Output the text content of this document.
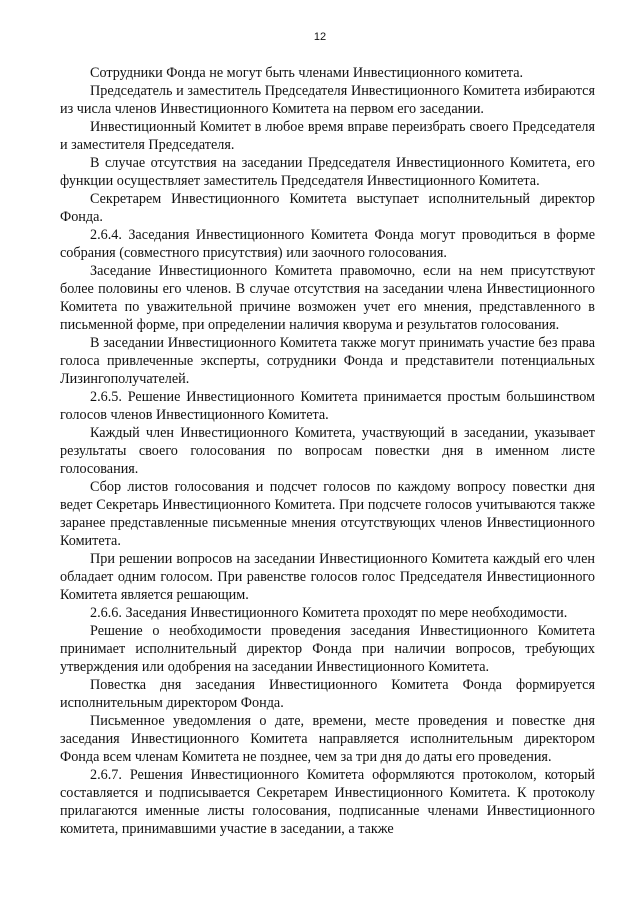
12

Сотрудники Фонда не могут быть членами Инвестиционного комитета.

Председатель и заместитель Председателя Инвестиционного Комитета избираются из числа членов Инвестиционного Комитета на первом его заседании.

Инвестиционный Комитет в любое время вправе переизбрать своего Председателя и заместителя Председателя.

В случае отсутствия на заседании Председателя Инвестиционного Комитета, его функции осуществляет заместитель Председателя Инвестиционного Комитета.

Секретарем Инвестиционного Комитета выступает исполнительный директор Фонда.

2.6.4. Заседания Инвестиционного Комитета Фонда могут проводиться в форме собрания (совместного присутствия) или заочного голосования.

Заседание Инвестиционного Комитета правомочно, если на нем присутствуют более половины его членов. В случае отсутствия на заседании члена Инвестиционного Комитета по уважительной причине возможен учет его мнения, представленного в письменной форме, при определении наличия кворума и результатов голосования.

В заседании Инвестиционного Комитета также могут принимать участие без права голоса привлеченные эксперты, сотрудники Фонда и представители потенциальных Лизингополучателей.

2.6.5. Решение Инвестиционного Комитета принимается простым большинством голосов членов Инвестиционного Комитета.

Каждый член Инвестиционного Комитета, участвующий в заседании, указывает результаты своего голосования по вопросам повестки дня в именном листе голосования.

Сбор листов голосования и подсчет голосов по каждому вопросу повестки дня ведет Секретарь Инвестиционного Комитета. При подсчете голосов учитываются также заранее представленные письменные мнения отсутствующих членов Инвестиционного Комитета.

При решении вопросов на заседании Инвестиционного Комитета каждый его член обладает одним голосом. При равенстве голосов голос Председателя Инвестиционного Комитета является решающим.

2.6.6. Заседания Инвестиционного Комитета проходят по мере необходимости.

Решение о необходимости проведения заседания Инвестиционного Комитета принимает исполнительный директор Фонда при наличии вопросов, требующих утверждения или одобрения на заседании Инвестиционного Комитета.

Повестка дня заседания Инвестиционного Комитета Фонда формируется исполнительным директором Фонда.

Письменное уведомления о дате, времени, месте проведения и повестке дня заседания Инвестиционного Комитета направляется исполнительным директором Фонда всем членам Комитета не позднее, чем за три дня до даты его проведения.

2.6.7. Решения Инвестиционного Комитета оформляются протоколом, который составляется и подписывается Секретарем Инвестиционного Комитета. К протоколу прилагаются именные листы голосования, подписанные членами Инвестиционного комитета, принимавшими участие в заседании, а также
